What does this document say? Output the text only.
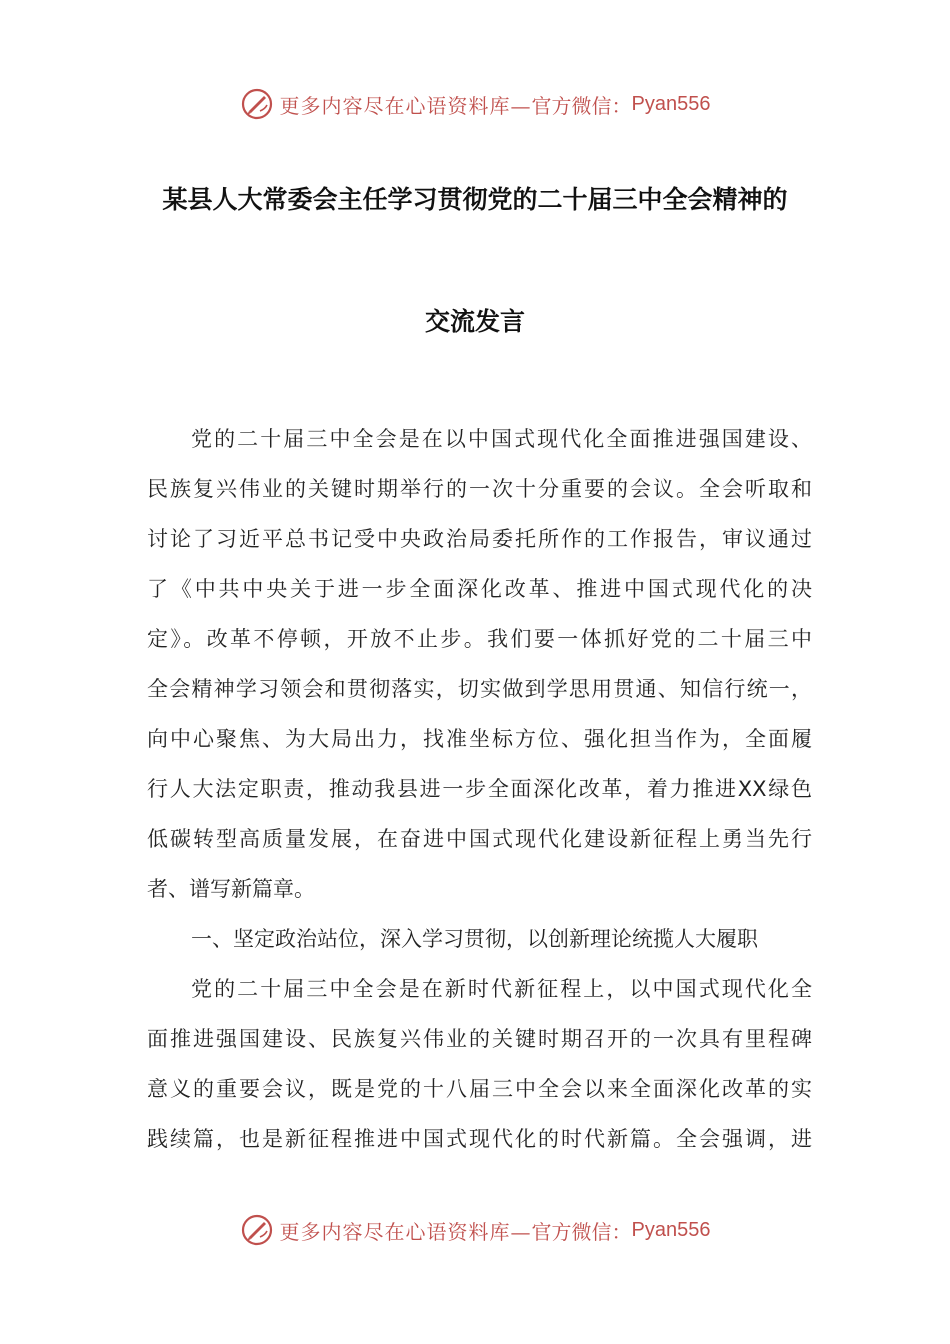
更多内容尽在心语资料库— 官方微信： Pyan556
某县人大常委会主任学习贯彻党的二十届三中全会精神的
交流发言
党的二十届三中全会是在以中国式现代化全面推进强国建设、
民族复兴伟业的关键时期举行的一次十分重要的会议。全会听取和
讨论了习近平总书记受中央政治局委托所作的工作报告，审议通过
了《中共中央关于进一步全面深化改革、推进中国式现代化的决
定》。改革不停顿，开放不止步。我们要一体抓好党的二十届三中
全会精神学习领会和贯彻落实，切实做到学思用贯通、知信行统一，
向中心聚焦、为大局出力，找准坐标方位、强化担当作为，全面履
行人大法定职责，推动我县进一步全面深化改革，着力推进XX绿色
低碳转型高质量发展，在奋进中国式现代化建设新征程上勇当先行
者、谱写新篇章。
一、坚定政治站位，深入学习贯彻，以创新理论统揽人大履职
党的二十届三中全会是在新时代新征程上，以中国式现代化全
面推进强国建设、民族复兴伟业的关键时期召开的一次具有里程碑
意义的重要会议，既是党的十八届三中全会以来全面深化改革的实
践续篇，也是新征程推进中国式现代化的时代新篇。全会强调，进
更多内容尽在心语资料库— 官方微信： Pyan556
